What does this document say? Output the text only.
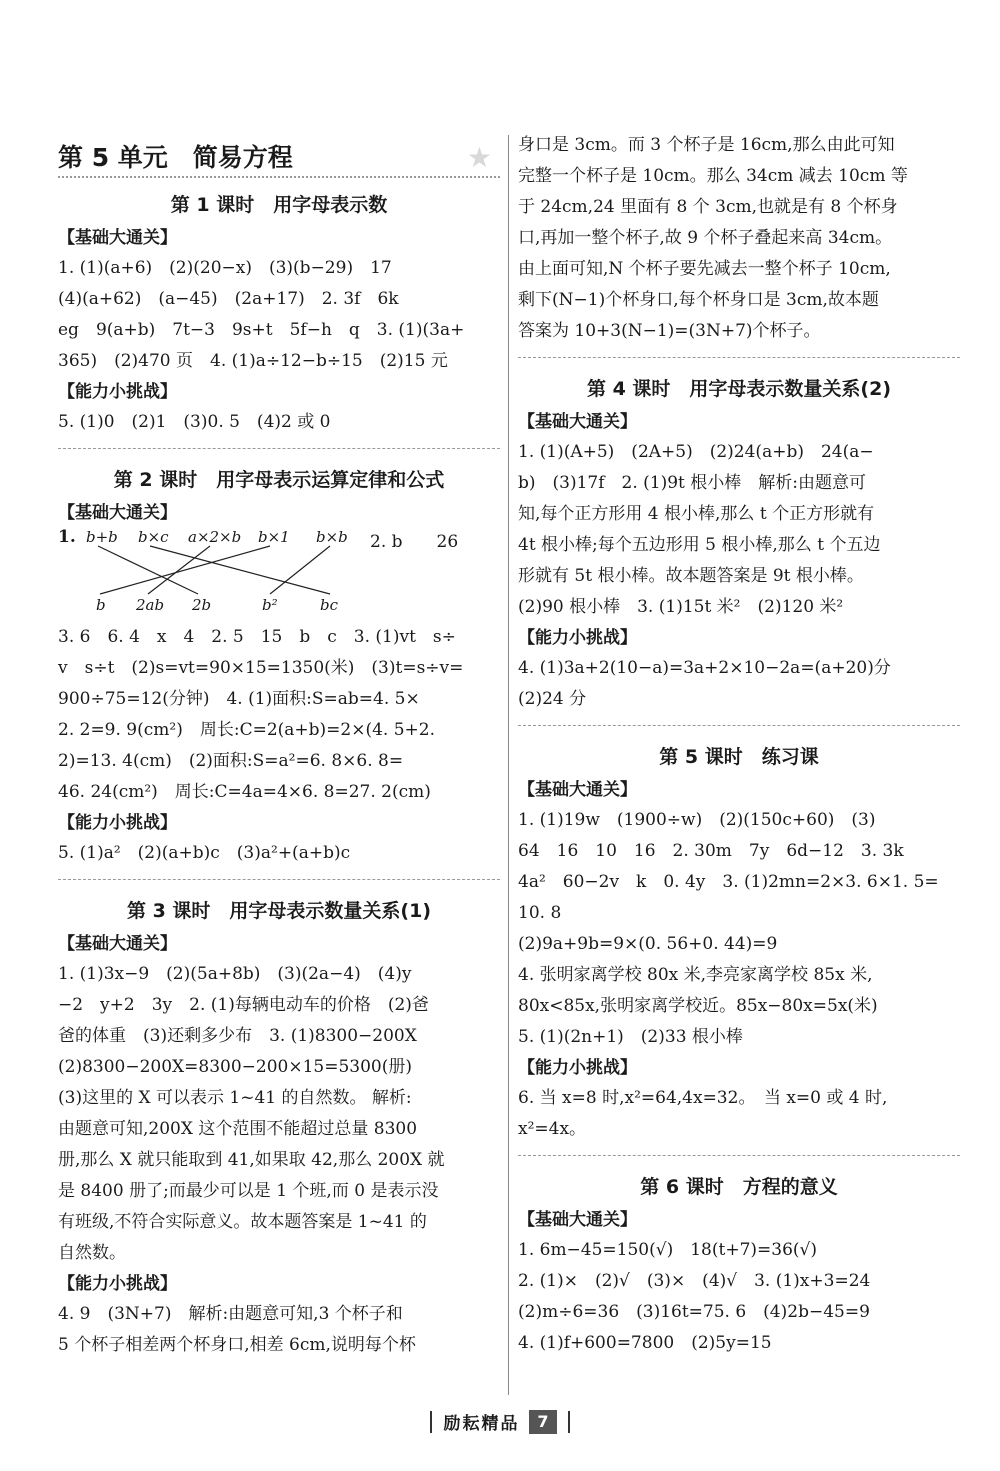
第 5 单元　简易方程	★
第 1 课时　用字母表示数
【基础大通关】
1. (1)(a+6)　(2)(20−x)　(3)(b−29)　17
(4)(a+62)　(a−45)　(2a+17)　2. 3f　6k
eg　9(a+b)　7t−3　9s+t　5f−h　q　3. (1)(3a+
365)　(2)470 页　4. (1)a÷12−b÷15　(2)15 元
【能力小挑战】
5. (1)0　(2)1　(3)0. 5　(4)2 或 0
第 2 课时　用字母表示运算定律和公式
【基础大通关】
1. b+b b×c a×2×b b×1 b×b 2. b　　26
b 2ab 2b	b²	bc
3. 6　6. 4　x　4　2. 5　15　b　c　3. (1)vt　s÷
v　s÷t　(2)s=vt=90×15=1350(米)　(3)t=s÷v=
900÷75=12(分钟)　4. (1)面积:S=ab=4. 5×
2. 2=9. 9(cm²)　周长:C=2(a+b)=2×(4. 5+2.
2)=13. 4(cm)　(2)面积:S=a²=6. 8×6. 8=
46. 24(cm²)　周长:C=4a=4×6. 8=27. 2(cm)
【能力小挑战】
5. (1)a²　(2)(a+b)c　(3)a²+(a+b)c
第 3 课时　用字母表示数量关系(1)
【基础大通关】
1. (1)3x−9　(2)(5a+8b)　(3)(2a−4)　(4)y
−2　y+2　3y　2. (1)每辆电动车的价格　(2)爸
爸的体重　(3)还剩多少布　3. (1)8300−200X
(2)8300−200X=8300−200×15=5300(册)
(3)这里的 X 可以表示 1~41 的自然数。 解析:
由题意可知,200X 这个范围不能超过总量 8300
册,那么 X 就只能取到 41,如果取 42,那么 200X 就
是 8400 册了;而最少可以是 1 个班,而 0 是表示没
有班级,不符合实际意义。故本题答案是 1~41 的
自然数。
【能力小挑战】
4. 9　(3N+7)　解析:由题意可知,3 个杯子和
5 个杯子相差两个杯身口,相差 6cm,说明每个杯
身口是 3cm。而 3 个杯子是 16cm,那么由此可知
完整一个杯子是 10cm。那么 34cm 减去 10cm 等
于 24cm,24 里面有 8 个 3cm,也就是有 8 个杯身
口,再加一整个杯子,故 9 个杯子叠起来高 34cm。
由上面可知,N 个杯子要先减去一整个杯子 10cm,
剩下(N−1)个杯身口,每个杯身口是 3cm,故本题
答案为 10+3(N−1)=(3N+7)个杯子。
第 4 课时　用字母表示数量关系(2)
【基础大通关】
1. (1)(A+5)　(2A+5)　(2)24(a+b)　24(a−
b)　(3)17f　2. (1)9t 根小棒　解析:由题意可
知,每个正方形用 4 根小棒,那么 t 个正方形就有
4t 根小棒;每个五边形用 5 根小棒,那么 t 个五边
形就有 5t 根小棒。故本题答案是 9t 根小棒。
(2)90 根小棒　3. (1)15t 米²　(2)120 米²
【能力小挑战】
4. (1)3a+2(10−a)=3a+2×10−2a=(a+20)分
(2)24 分
第 5 课时　练习课
【基础大通关】
1. (1)19w　(1900÷w)　(2)(150c+60)　(3)
64　16　10　16　2. 30m　7y　6d−12　3. 3k
4a²　60−2v　k　0. 4y　3. (1)2mn=2×3. 6×1. 5=
10. 8
(2)9a+9b=9×(0. 56+0. 44)=9
4. 张明家离学校 80x 米,李亮家离学校 85x 米,
80x<85x,张明家离学校近。85x−80x=5x(米)
5. (1)(2n+1)　(2)33 根小棒
【能力小挑战】
6. 当 x=8 时,x²=64,4x=32。　当 x=0 或 4 时,
x²=4x。
第 6 课时　方程的意义
【基础大通关】
1. 6m−45=150(√)　18(t+7)=36(√)
2. (1)×　(2)√　(3)×　(4)√　3. (1)x+3=24
(2)m÷6=36　(3)16t=75. 6　(4)2b−45=9
4. (1)f+600=7800　(2)5y=15
励耘精品 7
